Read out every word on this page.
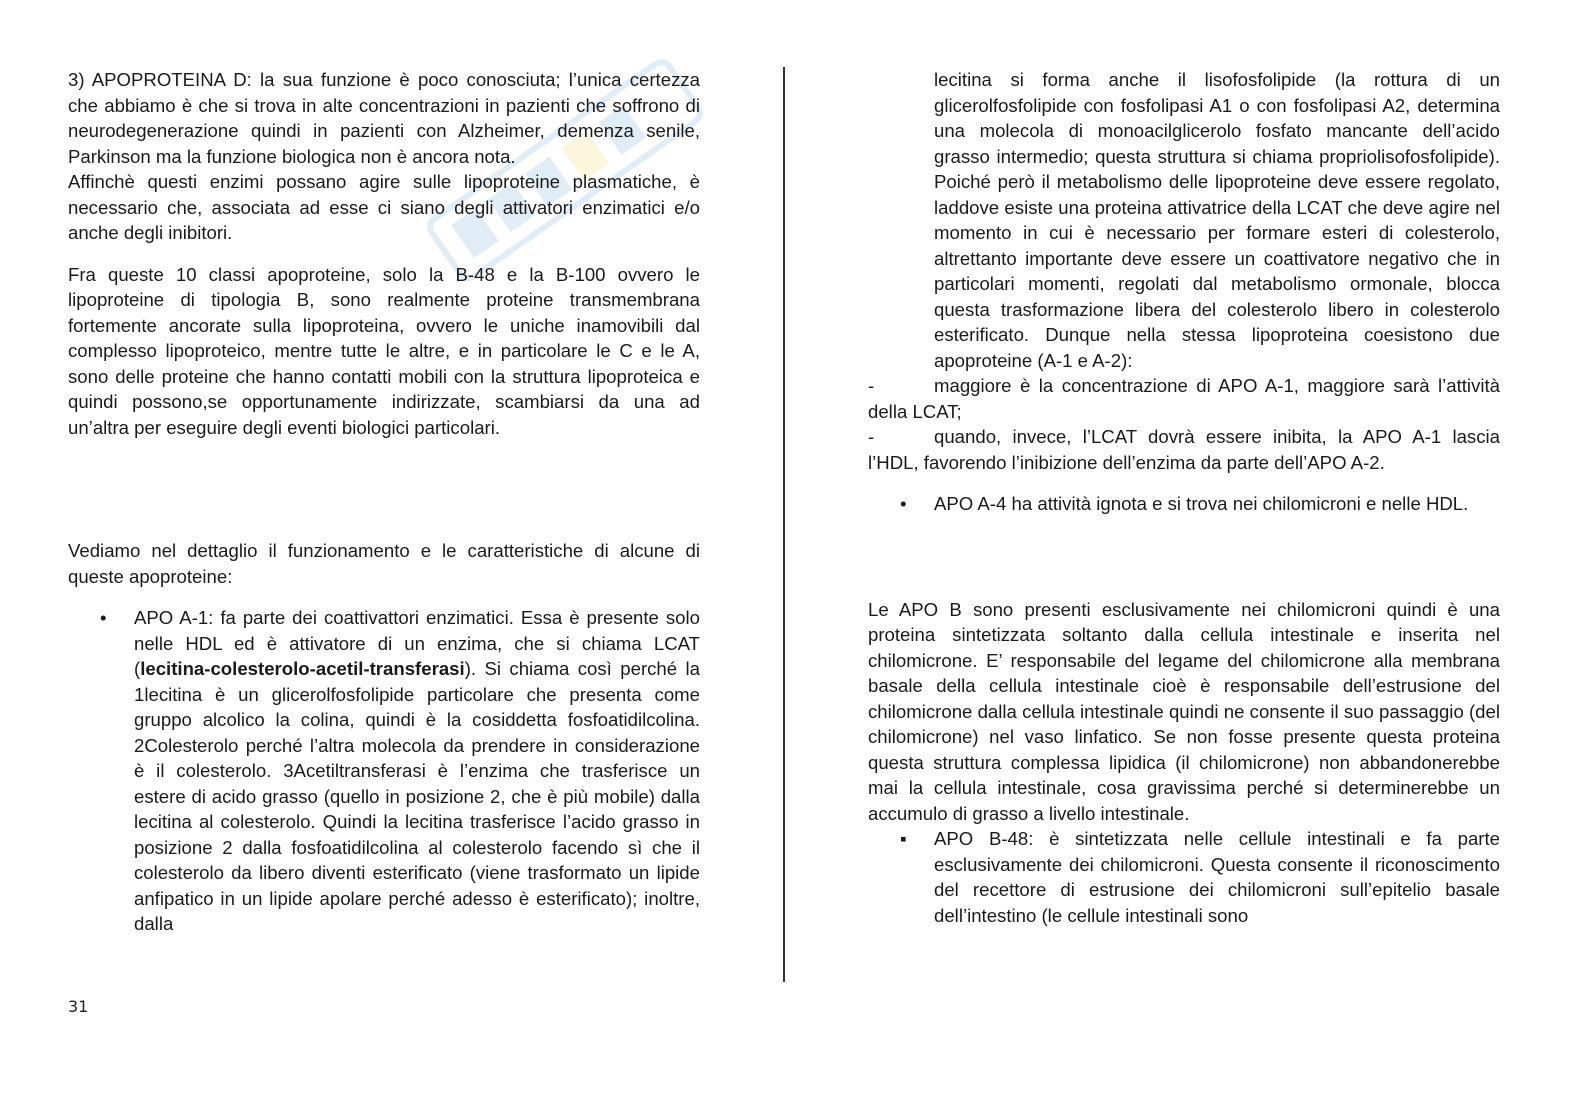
3) APOPROTEINA D: la sua funzione è poco conosciuta; l’unica certezza che abbiamo è che si trova in alte concentrazioni in pazienti che soffrono di neurodegenerazione quindi in pazienti con Alzheimer, demenza senile, Parkinson ma la funzione biologica non è ancora nota.

Affinchè questi enzimi possano agire sulle lipoproteine plasmatiche, è necessario che, associata ad esse ci siano degli attivatori enzimatici e/o anche degli inibitori.

Fra queste 10 classi apoproteine, solo la B-48 e la B-100 ovvero le lipoproteine di tipologia B, sono realmente proteine transmembrana fortemente ancorate sulla lipoproteina, ovvero le uniche inamovibili dal complesso lipoproteico, mentre tutte le altre, e in particolare le C e le A, sono delle proteine che hanno contatti mobili con la struttura lipoproteica e quindi possono,se opportunamente indirizzate, scambiarsi da una ad un’altra per eseguire degli eventi biologici particolari.

Vediamo nel dettaglio il funzionamento e le caratteristiche di alcune di queste apoproteine:

• APO A-1: fa parte dei coattivattori enzimatici. Essa è presente solo nelle HDL ed è attivatore di un enzima, che si chiama LCAT (lecitina-colesterolo-acetil-transferasi). Si chiama così perché la 1lecitina è un glicerolfosfolipide particolare che presenta come gruppo alcolico la colina, quindi è la cosiddetta fosfoatidilcolina. 2Colesterolo perché l’altra molecola da prendere in considerazione è il colesterolo. 3Acetiltransferasi è l’enzima che trasferisce un estere di acido grasso (quello in posizione 2, che è più mobile) dalla lecitina al colesterolo. Quindi la lecitina trasferisce l’acido grasso in posizione 2 dalla fosfoatidilcolina al colesterolo facendo sì che il colesterolo da libero diventi esterificato (viene trasformato un lipide anfipatico in un lipide apolare perché adesso è esterificato); inoltre, dalla

lecitina si forma anche il lisofosfolipide (la rottura di un glicerolfosfolipide con fosfolipasi A1 o con fosfolipasi A2, determina una molecola di monoacilglicerolo fosfato mancante dell’acido grasso intermedio; questa struttura si chiama propriolisofosfolipide). Poiché però il metabolismo delle lipoproteine deve essere regolato, laddove esiste una proteina attivatrice della LCAT che deve agire nel momento in cui è necessario per formare esteri di colesterolo, altrettanto importante deve essere un coattivatore negativo che in particolari momenti, regolati dal metabolismo ormonale, blocca questa trasformazione libera del colesterolo libero in colesterolo esterificato. Dunque nella stessa lipoproteina coesistono due apoproteine (A-1 e A-2):

-	maggiore è la concentrazione di APO A-1, maggiore sarà l’attività della LCAT;

-	quando, invece, l’LCAT dovrà essere inibita, la APO A-1 lascia l’HDL, favorendo l’inibizione dell’enzima da parte dell’APO A-2.

• APO A-4 ha attività ignota e si trova nei chilomicroni e nelle HDL.

Le APO B sono presenti esclusivamente nei chilomicroni quindi è una proteina sintetizzata soltanto dalla cellula intestinale e inserita nel chilomicrone. E’ responsabile del legame del chilomicrone alla membrana basale della cellula intestinale cioè è responsabile dell’estrusione del chilomicrone dalla cellula intestinale quindi ne consente il suo passaggio (del chilomicrone) nel vaso linfatico. Se non fosse presente questa proteina questa struttura complessa lipidica (il chilomicrone) non abbandonerebbe mai la cellula intestinale, cosa gravissima perché si determinerebbe un accumulo di grasso a livello intestinale.

▪ APO B-48: è sintetizzata nelle cellule intestinali e fa parte esclusivamente dei chilomicroni. Questa consente il riconoscimento del recettore di estrusione dei chilomicroni sull’epitelio basale dell’intestino (le cellule intestinali sono
31
